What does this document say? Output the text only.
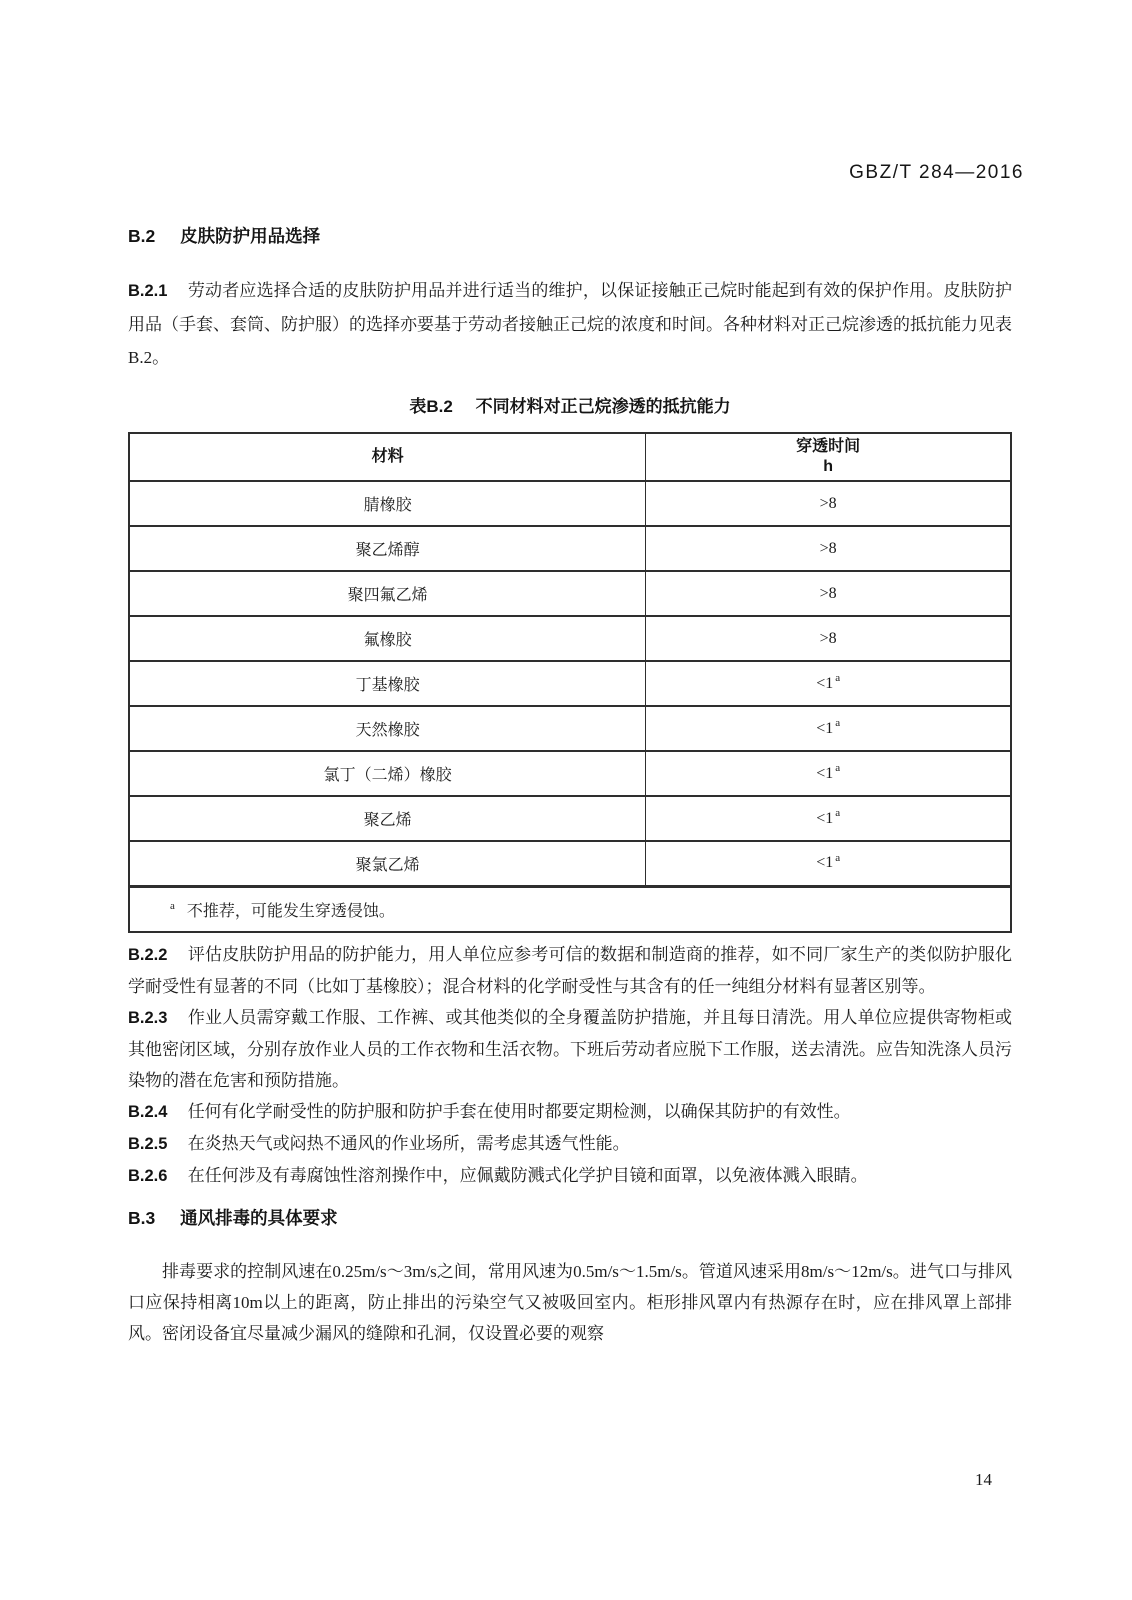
GBZ/T 284—2016
B.2 皮肤防护用品选择

B.2.1 劳动者应选择合适的皮肤防护用品并进行适当的维护，以保证接触正己烷时能起到有效的保护作用。皮肤防护用品（手套、套筒、防护服）的选择亦要基于劳动者接触正己烷的浓度和时间。各种材料对正己烷渗透的抵抗能力见表B.2。

表B.2 不同材料对正己烷渗透的抵抗能力
材料	穿透时间
h

腈橡胶	>8
聚乙烯醇	>8
聚四氟乙烯	>8
氟橡胶	>8
丁基橡胶	<1 $^a$
天然橡胶	<1 $^a$
氯丁（二烯）橡胶	<1 $^a$
聚乙烯	<1 $^a$
聚氯乙烯	<1 $^a$
$^a$ 不推荐，可能发生穿透侵蚀。	

B.2.2 评估皮肤防护用品的防护能力，用人单位应参考可信的数据和制造商的推荐，如不同厂家生产的类似防护服化学耐受性有显著的不同（比如丁基橡胶）；混合材料的化学耐受性与其含有的任一纯组分材料有显著区别等。

B.2.3 作业人员需穿戴工作服、工作裤、或其他类似的全身覆盖防护措施，并且每日清洗。用人单位应提供寄物柜或其他密闭区域，分别存放作业人员的工作衣物和生活衣物。下班后劳动者应脱下工作服，送去清洗。应告知洗涤人员污染物的潜在危害和预防措施。

B.2.4 任何有化学耐受性的防护服和防护手套在使用时都要定期检测，以确保其防护的有效性。

B.2.5 在炎热天气或闷热不通风的作业场所，需考虑其透气性能。

B.2.6 在任何涉及有毒腐蚀性溶剂操作中，应佩戴防溅式化学护目镜和面罩，以免液体溅入眼睛。

B.3 通风排毒的具体要求

排毒要求的控制风速在0.25m/s～3m/s之间，常用风速为0.5m/s～1.5m/s。管道风速采用8m/s～12m/s。进气口与排风口应保持相离10m以上的距离，防止排出的污染空气又被吸回室内。柜形排风罩内有热源存在时，应在排风罩上部排风。密闭设备宜尽量减少漏风的缝隙和孔洞，仅设置必要的观察

14
